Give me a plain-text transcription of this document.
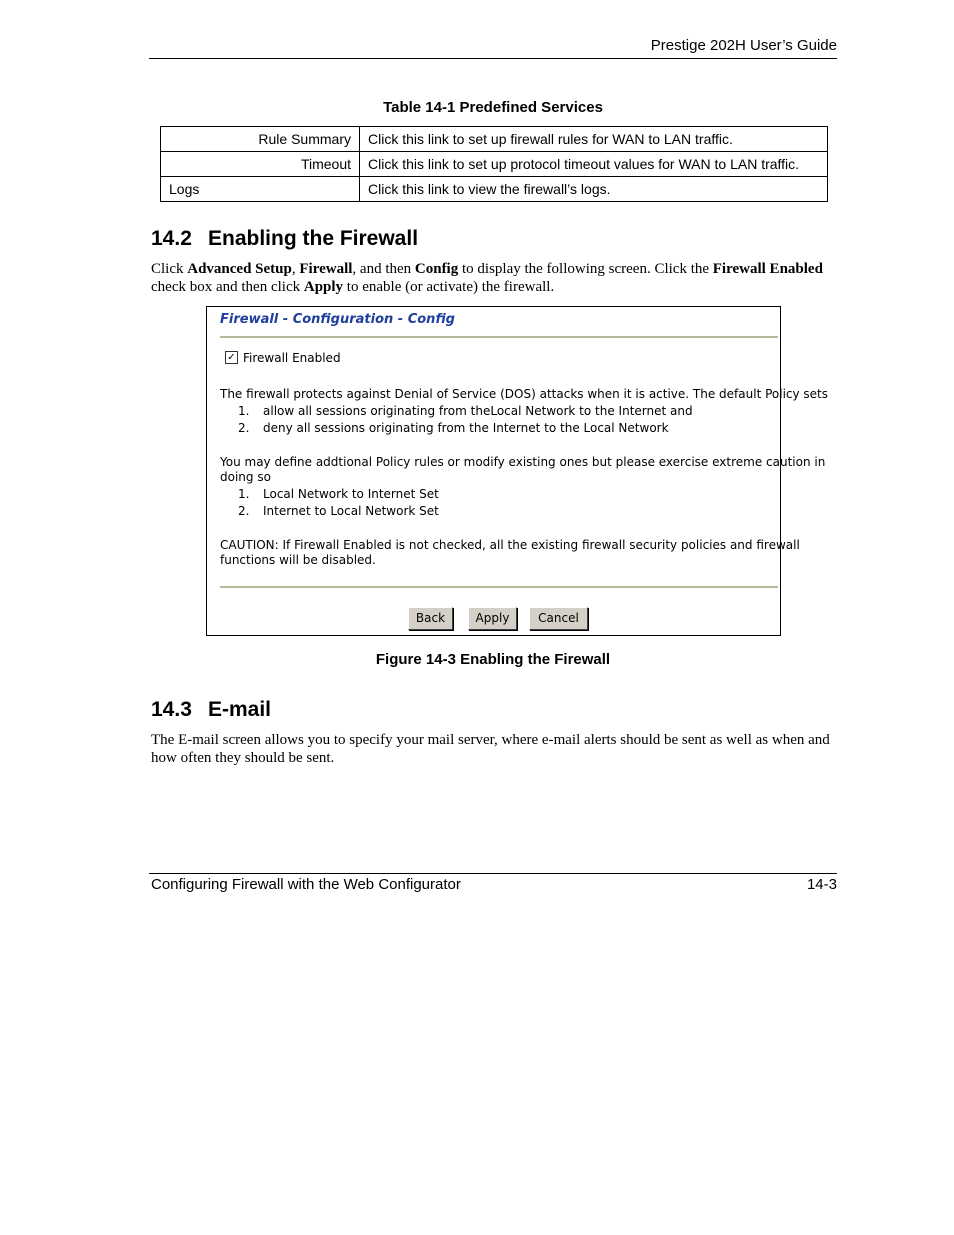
Prestige 202H User’s Guide
Table 14-1 Predefined Services
Rule Summary	Click this link to set up firewall rules for WAN to LAN traffic.
Timeout	Click this link to set up protocol timeout values for WAN to LAN traffic.
Logs	Click this link to view the firewall’s logs.
14.2 Enabling the Firewall

Click Advanced Setup, Firewall, and then Config to display the following screen. Click the Firewall Enabled check box and then click Apply to enable (or activate) the firewall.

Firewall - Configuration - Config
✓ Firewall Enabled
The firewall protects against Denial of Service (DOS) attacks when it is active. The default Policy sets
1. allow all sessions originating from theLocal Network to the Internet and
2. deny all sessions originating from the Internet to the Local Network
You may define addtional Policy rules or modify existing ones but please exercise extreme caution in
doing so
1. Local Network to Internet Set
2. Internet to Local Network Set
CAUTION: If Firewall Enabled is not checked, all the existing firewall security policies and firewall
functions will be disabled.
Back	Apply	Cancel
Figure 14-3 Enabling the Firewall
14.3 E-mail

The E-mail screen allows you to specify your mail server, where e-mail alerts should be sent as well as when and how often they should be sent.

Configuring Firewall with the Web Configurator	14-3
